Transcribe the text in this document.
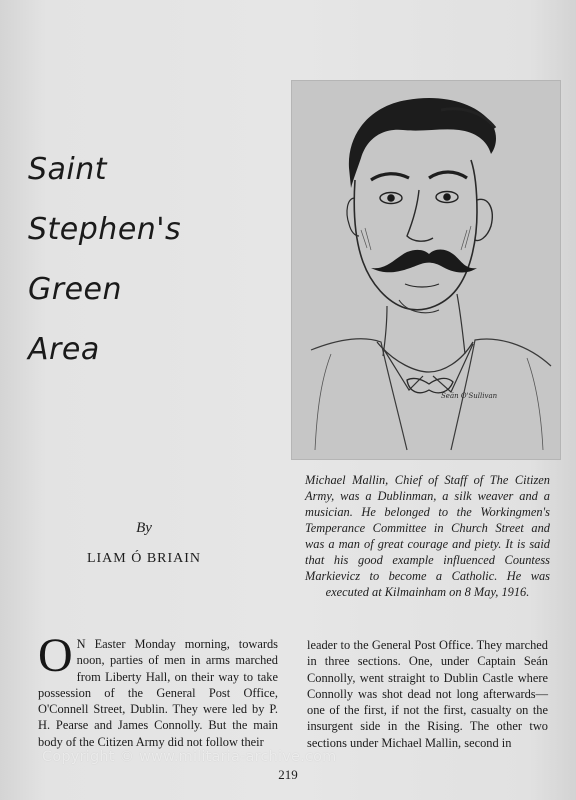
Saint
Stephen's
Green
Area
By
LIAM Ó BRIAIN
Seán O'Sullivan

Michael Mallin, Chief of Staff of The Citizen Army, was a Dublinman, a silk weaver and a musician. He belonged to the Workingmen's Temperance Committee in Church Street and was a man of great courage and piety. It is said that his good example influenced Countess Markievicz to become a Catholic. He was executed at Kilmainham on 8 May, 1916.

O N Easter Monday morning, towards noon, parties of men in arms marched from Liberty Hall, on their way to take possession of the General Post Office, O'Connell Street, Dublin. They were led by P. H. Pearse and James Connolly. But the main body of the Citizen Army did not follow their

leader to the General Post Office. They marched in three sections. One, under Captain Seán Connolly, went straight to Dublin Castle where Connolly was shot dead not long afterwards—one of the first, if not the first, casualty on the insurgent side in the Rising. The other two sections under Michael Mallin, second in

Copyright © www.militaria-archive.com
219
